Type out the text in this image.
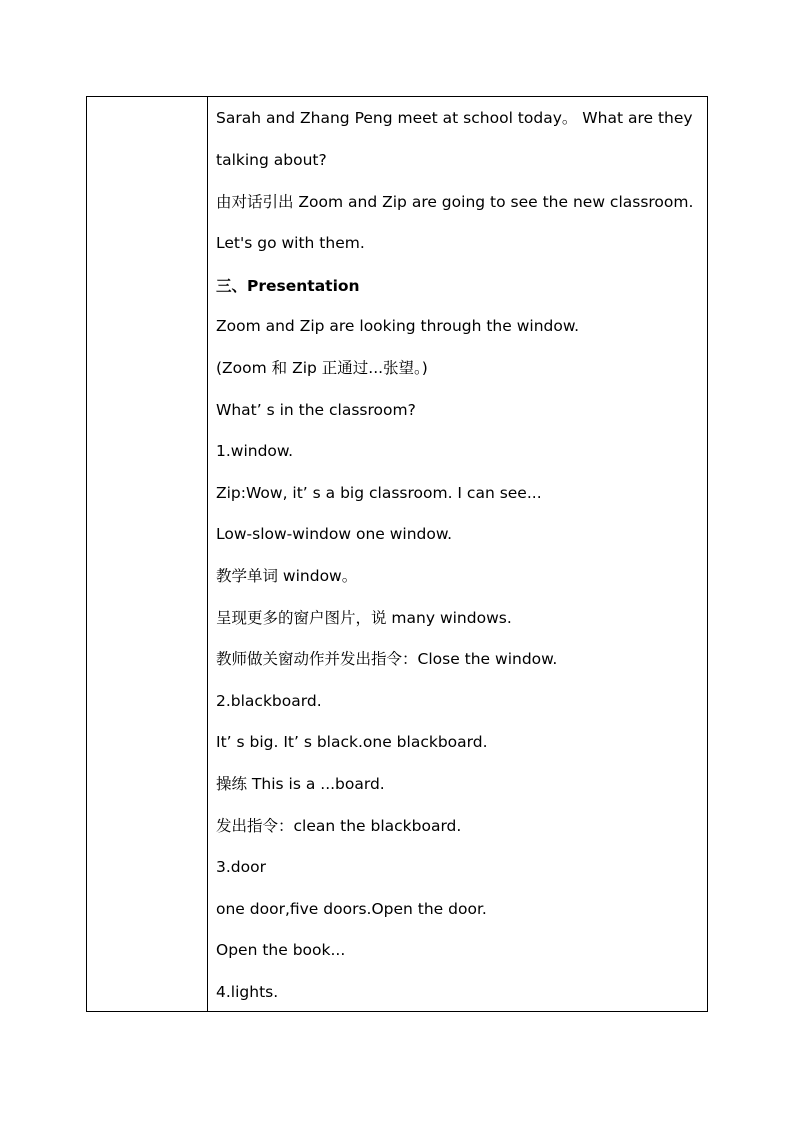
Sarah and Zhang Peng meet at school today。 What are they
talking about?
由对话引出 Zoom and Zip are going to see the new classroom.
Let's go with them.
三、Presentation
Zoom and Zip are looking through the window.
(Zoom 和 Zip 正通过...张望。)
What’ s in the classroom?
1.window.
Zip:Wow, it’ s a big classroom. I can see...
Low-slow-window one window.
教学单词 window。
呈现更多的窗户图片，说 many windows.
教师做关窗动作并发出指令：Close the window.
2.blackboard.
It’ s big. It’ s black.one blackboard.
操练 This is a ...board.
发出指令：clean the blackboard.
3.door
one door,five doors.Open the door.
Open the book...
4.lights.
